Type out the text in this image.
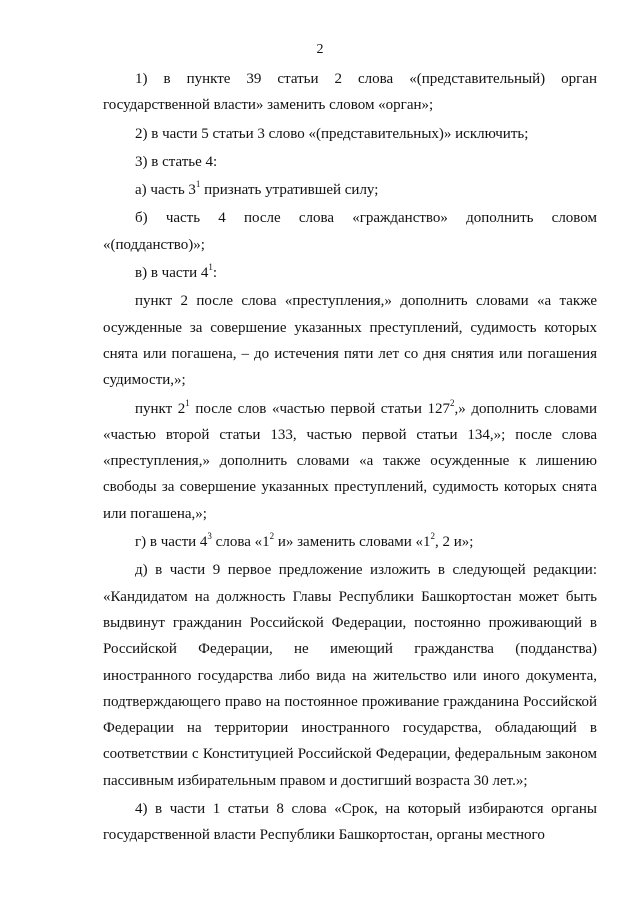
2

1) в пункте 39 статьи 2 слова «(представительный) орган

государственной власти» заменить словом «орган»;

2) в части 5 статьи 3 слово «(представительных)» исключить;

3) в статье 4:

а) часть $3^1$ признать утратившей силу;

б) часть 4 после слова «гражданство» дополнить словом «(подданство)»;

в) в части $4^1$:

пункт 2 после слова «преступления,» дополнить словами «а также осужденные за совершение указанных преступлений, судимость которых снята или погашена, – до истечения пяти лет со дня снятия или погашения судимости,»;

пункт $2^1$ после слов «частью первой статьи $127^2$,» дополнить словами «частью второй статьи 133, частью первой статьи 134,»; после слова «преступления,» дополнить словами «а также осужденные к лишению свободы за совершение указанных преступлений, судимость которых снята или погашена,»;

г) в части $4^3$ слова «$1^2$ и» заменить словами «$1^2$, 2 и»;

д) в части 9 первое предложение изложить в следующей редакции: «Кандидатом на должность Главы Республики Башкортостан может быть выдвинут гражданин Российской Федерации, постоянно проживающий в Российской Федерации, не имеющий гражданства (подданства) иностранного государства либо вида на жительство или иного документа, подтверждающего право на постоянное проживание гражданина Российской Федерации на территории иностранного государства, обладающий в соответствии с Конституцией Российской Федерации, федеральным законом пассивным избирательным правом и достигший возраста 30 лет.»;

4) в части 1 статьи 8 слова «Срок, на который избираются органы государственной власти Республики Башкортостан, органы местного
